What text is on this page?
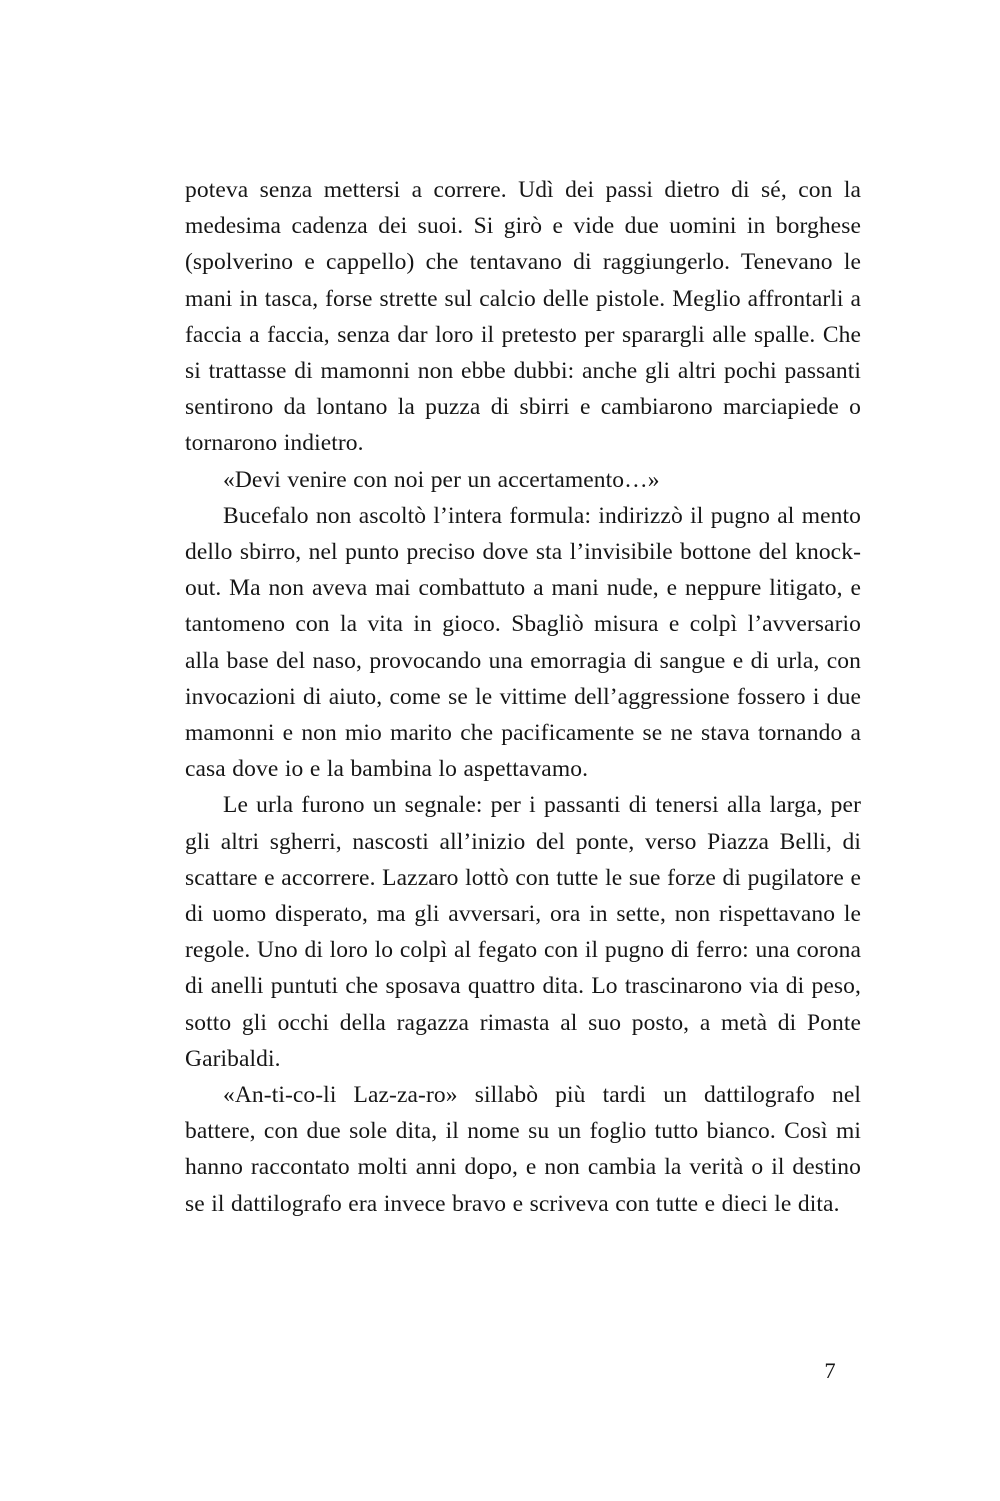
poteva senza mettersi a correre. Udì dei passi dietro di sé, con la medesima cadenza dei suoi. Si girò e vide due uomini in borghese (spolverino e cappello) che tentavano di raggiungerlo. Tenevano le mani in tasca, forse strette sul calcio delle pistole. Meglio affrontarli a faccia a faccia, senza dar loro il pretesto per sparargli alle spalle. Che si trattasse di mamonni non ebbe dubbi: anche gli altri pochi passanti sentirono da lontano la puzza di sbirri e cambiarono marciapiede o tornarono indietro.

«Devi venire con noi per un accertamento…»

Bucefalo non ascoltò l’intera formula: indirizzò il pugno al mento dello sbirro, nel punto preciso dove sta l’invisibile bottone del knock-out. Ma non aveva mai combattuto a mani nude, e neppure litigato, e tantomeno con la vita in gioco. Sbagliò misura e colpì l’avversario alla base del naso, provocando una emorragia di sangue e di urla, con invocazioni di aiuto, come se le vittime dell’aggressione fossero i due mamonni e non mio marito che pacificamente se ne stava tornando a casa dove io e la bambina lo aspettavamo.

Le urla furono un segnale: per i passanti di tenersi alla larga, per gli altri sgherri, nascosti all’inizio del ponte, verso Piazza Belli, di scattare e accorrere. Lazzaro lottò con tutte le sue forze di pugilatore e di uomo disperato, ma gli avversari, ora in sette, non rispettavano le regole. Uno di loro lo colpì al fegato con il pugno di ferro: una corona di anelli puntuti che sposava quattro dita. Lo trascinarono via di peso, sotto gli occhi della ragazza rimasta al suo posto, a metà di Ponte Garibaldi.

«An-ti-co-li Laz-za-ro» sillabò più tardi un dattilografo nel battere, con due sole dita, il nome su un foglio tutto bianco. Così mi hanno raccontato molti anni dopo, e non cambia la verità o il destino se il dattilografo era invece bravo e scriveva con tutte e dieci le dita.

7
